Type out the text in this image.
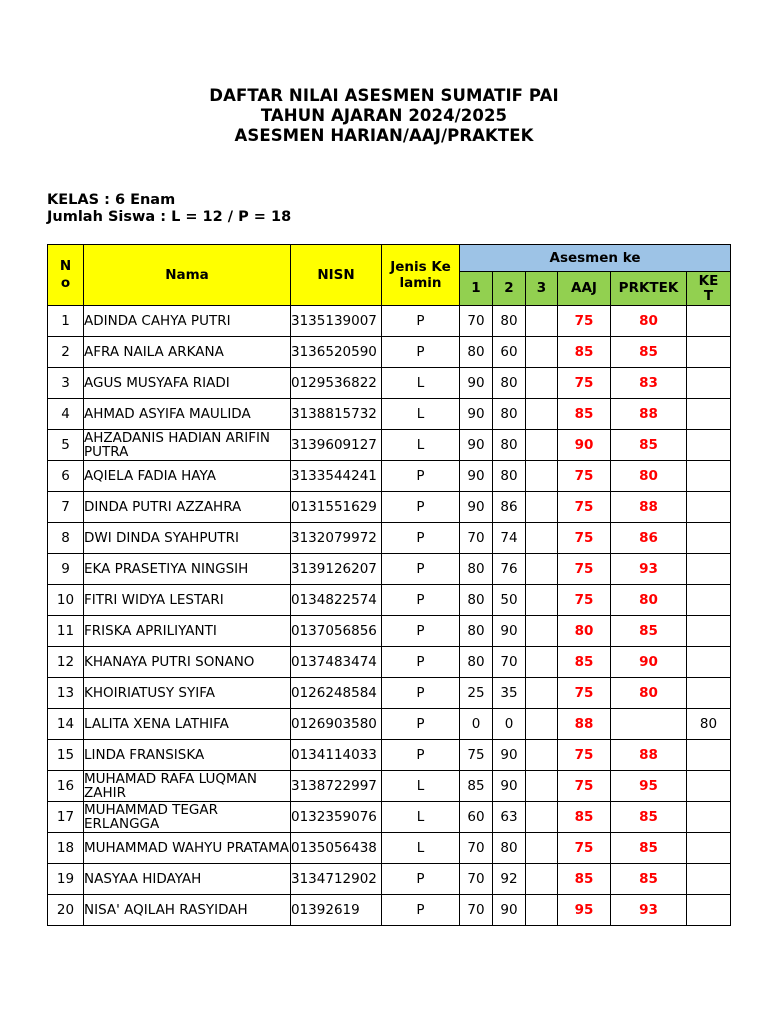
DAFTAR NILAI ASESMEN SUMATIF PAI
TAHUN AJARAN 2024/2025
ASESMEN HARIAN/AAJ/PRAKTEK
KELAS : 6 Enam
Jumlah Siswa : L = 12 / P = 18
No	Nama	NISN	Jenis Kelamin	Asesmen ke					
				1	2	3	AAJ	PRKTEK	KET
1	ADINDA CAHYA PUTRI	3135139007	P	70	80		75	80	
2	AFRA NAILA ARKANA	3136520590	P	80	60		85	85	
3	AGUS MUSYAFA RIADI	0129536822	L	90	80		75	83	
4	AHMAD ASYIFA MAULIDA	3138815732	L	90	80		85	88	
5	AHZADANIS HADIAN ARIFIN PUTRA	3139609127	L	90	80		90	85	
6	AQIELA FADIA HAYA	3133544241	P	90	80		75	80	
7	DINDA PUTRI AZZAHRA	0131551629	P	90	86		75	88	
8	DWI DINDA SYAHPUTRI	3132079972	P	70	74		75	86	
9	EKA PRASETIYA NINGSIH	3139126207	P	80	76		75	93	
10	FITRI WIDYA LESTARI	0134822574	P	80	50		75	80	
11	FRISKA APRILIYANTI	0137056856	P	80	90		80	85	
12	KHANAYA PUTRI SONANO	0137483474	P	80	70		85	90	
13	KHOIRIATUSY SYIFA	0126248584	P	25	35		75	80	
14	LALITA XENA LATHIFA	0126903580	P	0	0		88		80
15	LINDA FRANSISKA	0134114033	P	75	90		75	88	
16	MUHAMAD RAFA LUQMAN ZAHIR	3138722997	L	85	90		75	95	
17	MUHAMMAD TEGAR ERLANGGA	0132359076	L	60	63		85	85	
18	MUHAMMAD WAHYU PRATAMA	0135056438	L	70	80		75	85	
19	NASYAA HIDAYAH	3134712902	P	70	92		85	85	
20	NISA' AQILAH RASYIDAH	01392619	P	70	90		95	93	
